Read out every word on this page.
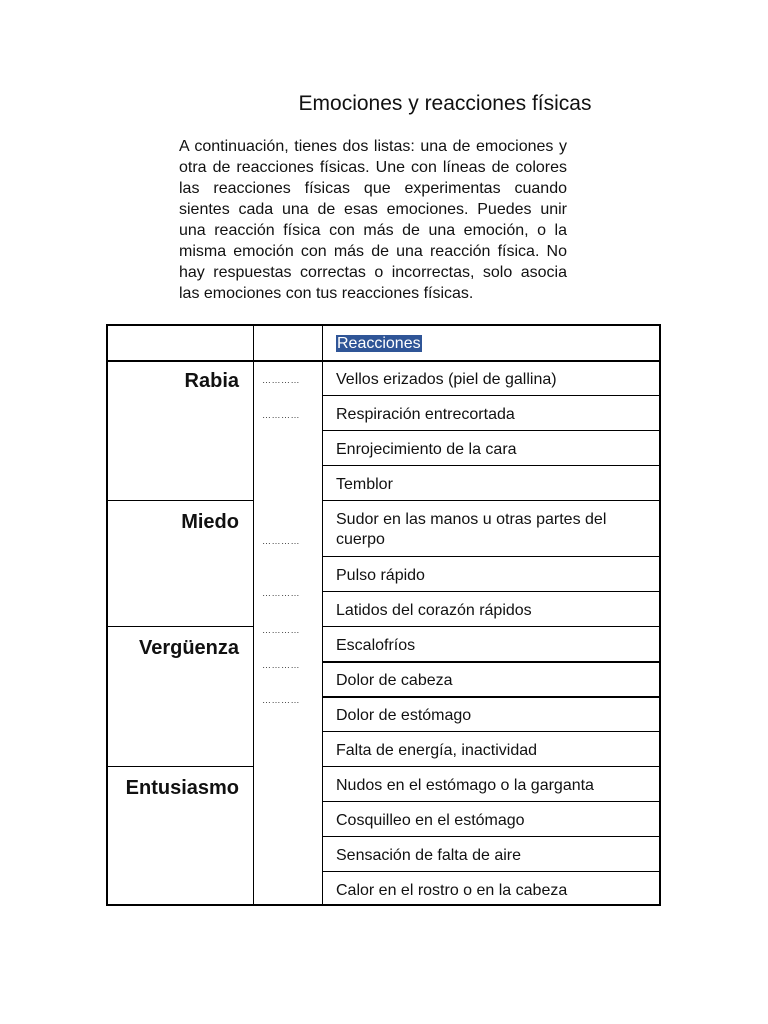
Emociones y reacciones físicas
A continuación, tienes dos listas: una de emociones y otra de reacciones físicas. Une con líneas de colores las reacciones físicas que experimentas cuando sientes cada una de esas emociones. Puedes unir una reacción física con más de una emoción, o la misma emoción con más de una reacción física. No hay respuestas correctas o incorrectas, solo asocia las emociones con tus reacciones físicas.
Reacciones
Rabia
Miedo
Vergüenza
Entusiasmo
…………
…………
…………
…………
…………
…………
…………
Vellos erizados (piel de gallina)
Respiración entrecortada
Enrojecimiento de la cara
Temblor
Sudor en las manos u otras partes del cuerpo
Pulso rápido
Latidos del corazón rápidos
Escalofríos
Dolor de cabeza
Dolor de estómago
Falta de energía, inactividad
Nudos en el estómago o la garganta
Cosquilleo en el estómago
Sensación de falta de aire
Calor en el rostro o en la cabeza
